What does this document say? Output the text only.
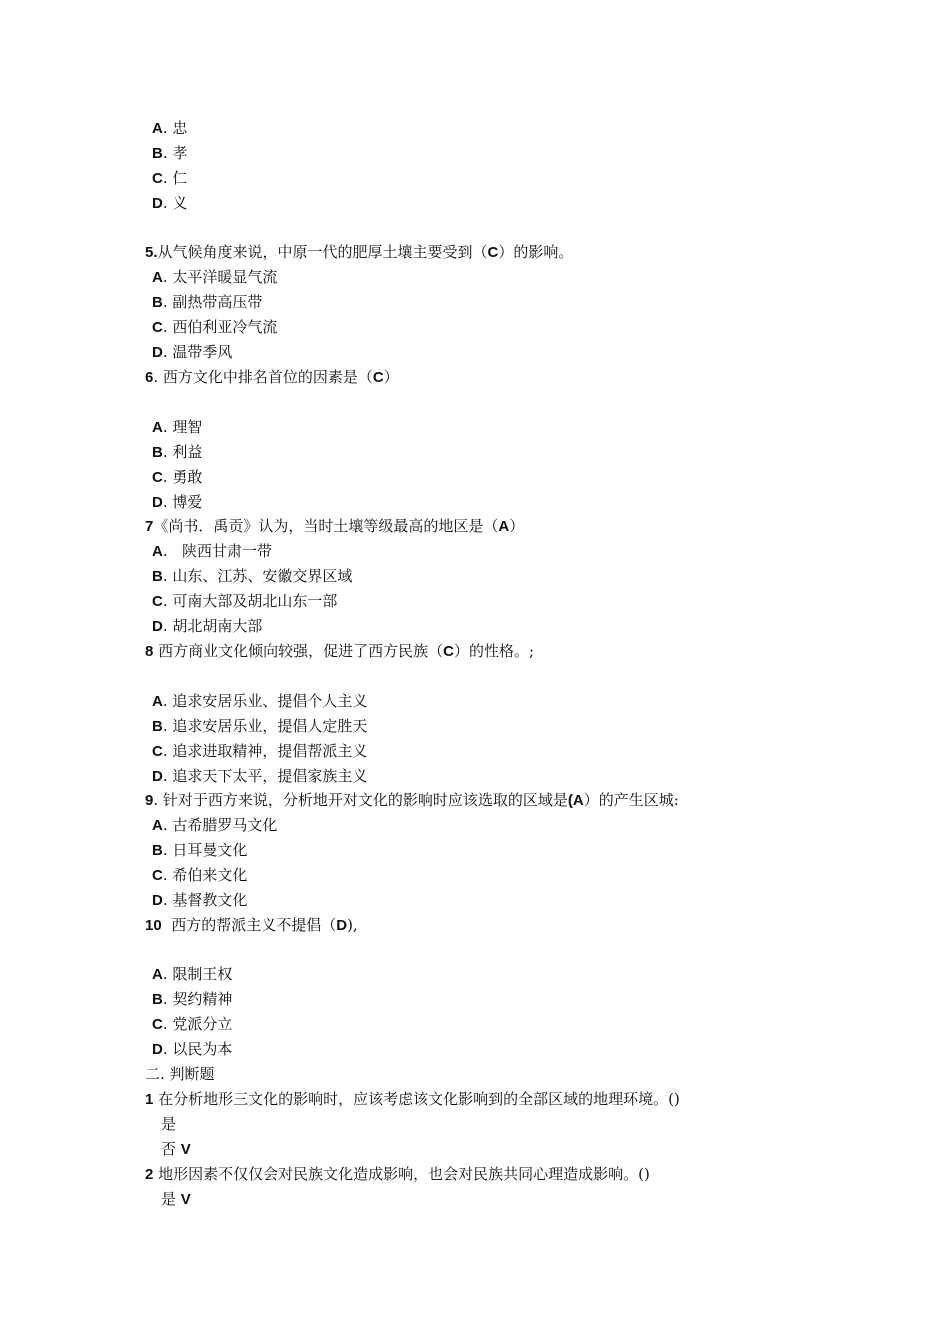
A. 忠
B. 孝
C. 仁
D. 义
5.从气候角度来说，中原一代的肥厚土壤主要受到（C）的影响。
A. 太平洋暖显气流
B. 副热带高压带
C. 西伯利亚冷气流
D. 温带季风
6. 西方文化中排名首位的因素是（C）
A. 理智
B. 利益
C. 勇敢
D. 博爱
7《尚书．禹贡》认为，当时土壤等级最高的地区是（A）
A.   陕西甘肃一带
B. 山东、江苏、安徽交界区域
C. 可南大部及胡北山东一部
D. 胡北胡南大部
8 西方商业文化倾向较强，促进了西方民族（C）的性格。;
A. 追求安居乐业、提倡个人主义
B. 追求安居乐业，提倡人定胜天
C. 追求进取精神，提倡帮派主义
D. 追求天下太平，提倡家族主义
9. 针对于西方来说，分析地开对文化的影响时应该选取的区域是(A）的产生区城:
A. 古希腊罗马文化
B. 日耳曼文化
C. 希伯来文化
D. 基督教文化
10  西方的帮派主义不提倡（D),
A. 限制王权
B. 契约精神
C. 党派分立
D. 以民为本
二. 判断题
1 在分析地形三文化的影响时，应该考虑该文化影响到的全部区域的地理环境。()
是
否 V
2 地形因素不仅仅会对民族文化造成影响，也会对民族共同心理造成影响。()
是 V
